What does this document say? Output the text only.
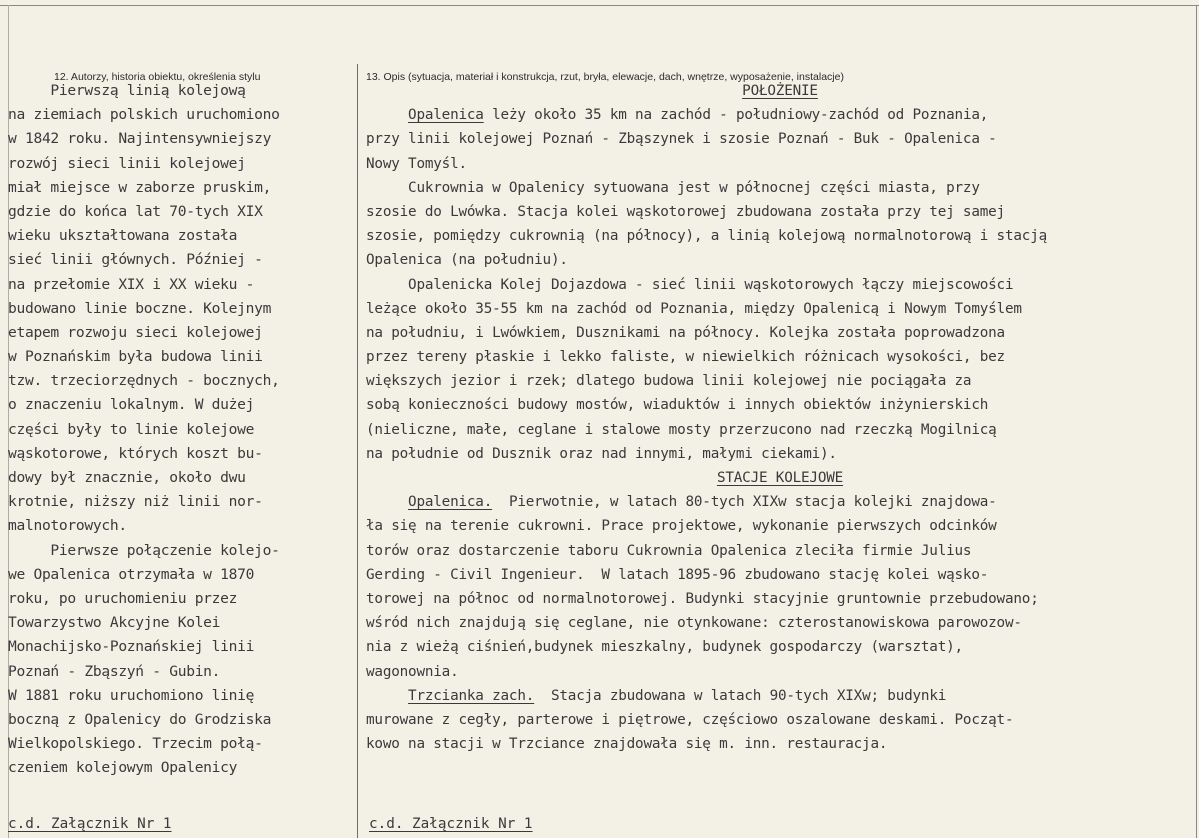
12. Autorzy, historia obiektu, określenia stylu	13. Opis (sytuacja, materiał i konstrukcja, rzut, bryła, elewacje, dach, wnętrze, wyposażenie, instalacje)
Pierwszą linią kolejową
na ziemiach polskich uruchomiono
w 1842 roku. Najintensywniejszy
rozwój sieci linii kolejowej
miał miejsce w zaborze pruskim,
gdzie do końca lat 70-tych XIX
wieku ukształtowana została
sieć linii głównych. Później -
na przełomie XIX i XX wieku -
budowano linie boczne. Kolejnym
etapem rozwoju sieci kolejowej
w Poznańskim była budowa linii
tzw. trzeciorzędnych - bocznych,
o znaczeniu lokalnym. W dużej
części były to linie kolejowe
wąskotorowe, których koszt bu-
dowy był znacznie, około dwu
krotnie, niższy niż linii nor-
malnotorowych.
Pierwsze połączenie kolejo-
we Opalenica otrzymała w 1870
roku, po uruchomieniu przez
Towarzystwo Akcyjne Kolei
Monachijsko-Poznańskiej linii
Poznań - Zbąszyń - Gubin.
W 1881 roku uruchomiono linię
boczną z Opalenicy do Grodziska
Wielkopolskiego. Trzecim połą-
czeniem kolejowym Opalenicy
POŁOŻENIE
Opalenica leży około 35 km na zachód - południowy-zachód od Poznania,
przy linii kolejowej Poznań - Zbąszynek i szosie Poznań - Buk - Opalenica -
Nowy Tomyśl.
Cukrownia w Opalenicy sytuowana jest w północnej części miasta, przy
szosie do Lwówka. Stacja kolei wąskotorowej zbudowana została przy tej samej
szosie, pomiędzy cukrownią (na północy), a linią kolejową normalnotorową i stacją
Opalenica (na południu).
Opalenicka Kolej Dojazdowa - sieć linii wąskotorowych łączy miejscowości
leżące około 35-55 km na zachód od Poznania, między Opalenicą i Nowym Tomyślem
na południu, i Lwówkiem, Dusznikami na północy. Kolejka została poprowadzona
przez tereny płaskie i lekko faliste, w niewielkich różnicach wysokości, bez
większych jezior i rzek; dlatego budowa linii kolejowej nie pociągała za
sobą konieczności budowy mostów, wiaduktów i innych obiektów inżynierskich
(nieliczne, małe, ceglane i stalowe mosty przerzucono nad rzeczką Mogilnicą
na południe od Dusznik oraz nad innymi, małymi ciekami).
STACJE KOLEJOWE
Opalenica.  Pierwotnie, w latach 80-tych XIXw stacja kolejki znajdowa-
ła się na terenie cukrowni. Prace projektowe, wykonanie pierwszych odcinków
torów oraz dostarczenie taboru Cukrownia Opalenica zleciła firmie Julius
Gerding - Civil Ingenieur.  W latach 1895-96 zbudowano stację kolei wąsko-
torowej na północ od normalnotorowej. Budynki stacyjnie gruntownie przebudowano;
wśród nich znajdują się ceglane, nie otynkowane: czterostanowiskowa parowozow-
nia z wieżą ciśnień,budynek mieszkalny, budynek gospodarczy (warsztat),
wagonownia.
Trzcianka zach.  Stacja zbudowana w latach 90-tych XIXw; budynki
murowane z cegły, parterowe i piętrowe, częściowo oszalowane deskami. Począt-
kowo na stacji w Trzciance znajdowała się m. inn. restauracja.
c.d. Załącznik Nr 1	c.d. Załącznik Nr 1
